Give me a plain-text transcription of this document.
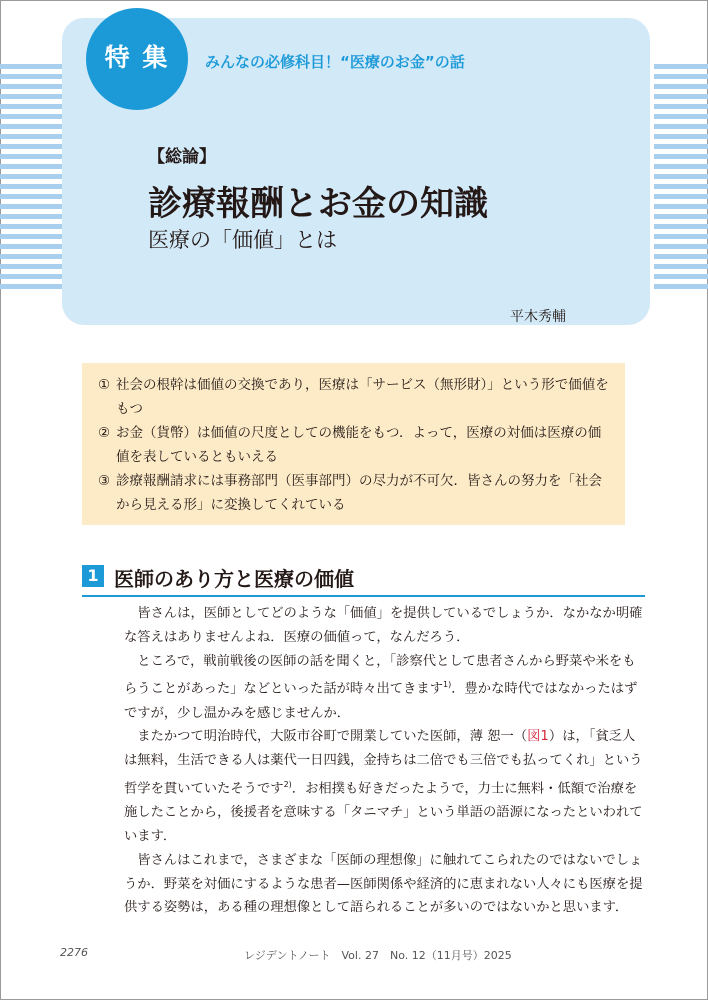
特 集	みんなの必修科目！“医療のお金”の話
【総論】
診療報酬とお金の知識
医療の「価値」とは
平木秀輔
① 社会の根幹は価値の交換であり，医療は「サービス（無形財）」という形で価値をもつ
② お金（貨幣）は価値の尺度としての機能をもつ．よって，医療の対価は医療の価値を表しているともいえる
③ 診療報酬請求には事務部門（医事部門）の尽力が不可欠．皆さんの努力を「社会から見える形」に変換してくれている
1 医師のあり方と医療の価値

皆さんは，医師としてどのような「価値」を提供しているでしょうか．なかなか明確な答えはありませんよね．医療の価値って，なんだろう．

ところで，戦前戦後の医師の話を聞くと，「診察代として患者さんから野菜や米をもらうことがあった」などといった話が時々出てきます$^{1)}$．豊かな時代ではなかったはずですが，少し温かみを感じませんか．

またかつて明治時代，大阪市谷町で開業していた医師，薄 恕一（図1）は，「貧乏人は無料，生活できる人は薬代一日四銭，金持ちは二倍でも三倍でも払ってくれ」という哲学を貫いていたそうです$^{2)}$．お相撲も好きだったようで，力士に無料・低額で治療を施したことから，後援者を意味する「タニマチ」という単語の語源になったといわれています．

皆さんはこれまで，さまざまな「医師の理想像」に触れてこられたのではないでしょうか．野菜を対価にするような患者—医師関係や経済的に恵まれない人々にも医療を提供する姿勢は，ある種の理想像として語られることが多いのではないかと思います．

2276	レジデントノート　Vol. 27　No. 12（11月号）2025
